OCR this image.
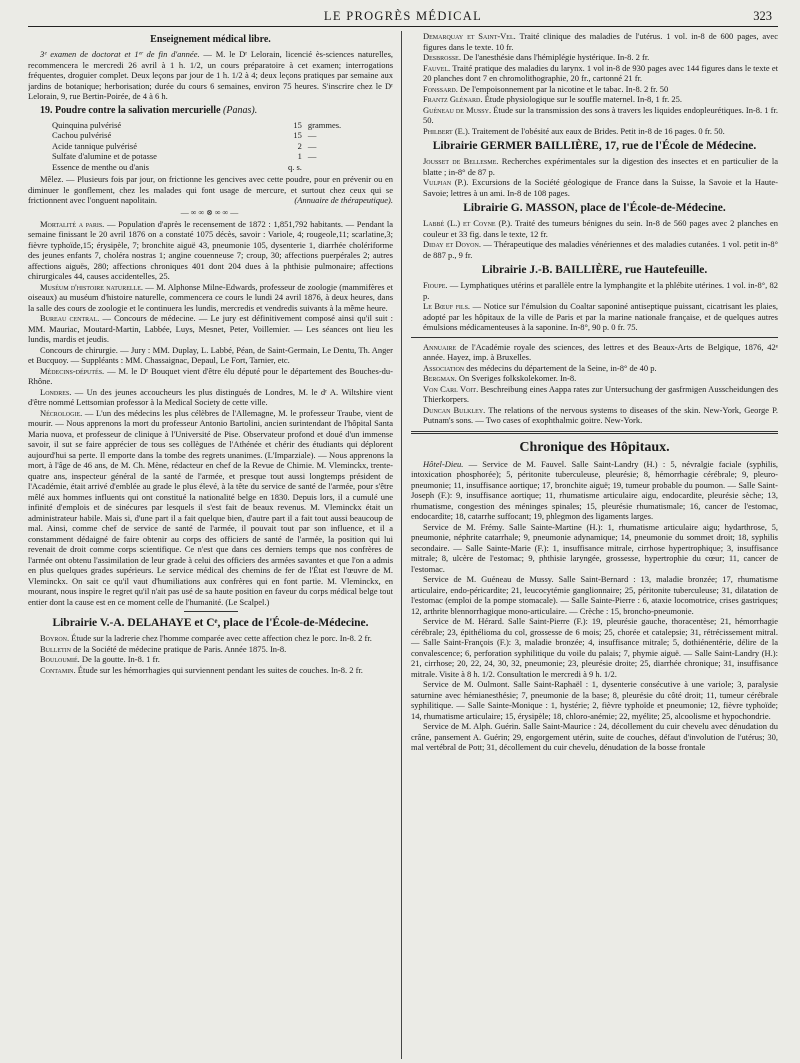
LE PROGRÈS MÉDICAL	323
Enseignement médical libre.

3ᵉ examen de doctorat et 1ᵉʳ de fin d'année. — M. le Dʳ Lelorain, licencié ès-sciences naturelles, recommencera le mercredi 26 avril à 1 h. 1/2, un cours préparatoire à cet examen; interrogations fréquentes, droguier complet. Deux leçons par jour de 1 h. 1/2 à 4; deux leçons pratiques par semaine aux jardins de botanique; herborisation; durée du cours 6 semaines, environ 75 heures. S'inscrire chez le Dʳ Lelorain, 9, rue Bertin-Poirée, de 4 à 6 h.

19. Poudre contre la salivation mercurielle (Panas).
Quinquina pulvérisé	15	grammes.
Cachou pulvérisé	15	—
Acide tannique pulvérisé	2	—
Sulfate d'alumine et de potasse	1	—
Essence de menthe ou d'anis	q. s.	

Mêlez. — Plusieurs fois par jour, on frictionne les gencives avec cette poudre, pour en prévenir ou en diminuer le gonflement, chez les malades qui font usage de mercure, et surtout chez ceux qui se frictionnent avec l'onguent napolitain.	(Annuaire de thérapeutique).

—∞∞⊗∞∞—

Mortalité a paris. — Population d'après le recensement de 1872 : 1,851,792 habitants. — Pendant la semaine finissant le 20 avril 1876 on a constaté 1075 décès, savoir : Variole, 4; rougeole,11; scarlatine,3; fièvre typhoïde,15; érysipèle, 7; bronchite aiguë 43, pneumonie 105, dysenterie 1, diarrhée cholériforme des jeunes enfants 7, choléra nostras 1; angine couenneuse 7; croup, 30; affections puerpérales 2; autres affections aiguës, 280; affections chroniques 401 dont 204 dues à la phthisie pulmonaire; affections chirurgicales 44, causes accidentelles, 25.

Muséum d'histoire naturelle. — M. Alphonse Milne-Edwards, professeur de zoologie (mammifères et oiseaux) au muséum d'histoire naturelle, commencera ce cours le lundi 24 avril 1876, à deux heures, dans la salle des cours de zoologie et le continuera les lundis, mercredis et vendredis suivants à la même heure.

Bureau central. — Concours de médecine. — Le jury est définitivement composé ainsi qu'il suit : MM. Mauriac, Moutard-Martin, Labbée, Luys, Mesnet, Peter, Voillemier. — Les séances ont lieu les lundis, mardis et jeudis.

Concours de chirurgie. — Jury : MM. Duplay, L. Labbé, Péan, de Saint-Germain, Le Dentu, Th. Anger et Bucquoy. — Suppléants : MM. Chassaignac, Depaul, Le Fort, Tarnier, etc.

Médecins-députés. — M. le Dʳ Bouquet vient d'être élu député pour le département des Bouches-du-Rhône.

Londres. — Un des jeunes accoucheurs les plus distingués de Londres, M. le dʳ A. Wiltshire vient d'être nommé Lettsomian professor à la Medical Society de cette ville.

Nécrologie. — L'un des médecins les plus célèbres de l'Allemagne, M. le professeur Traube, vient de mourir. — Nous apprenons la mort du professeur Antonio Bartolini, ancien surintendant de l'hôpital Santa Maria nuova, et professeur de clinique à l'Université de Pise. Observateur profond et doué d'un immense savoir, il sut se faire apprécier de tous ses collègues de l'Athénée et chérir des étudiants qui déplorent aujourd'hui sa perte. Il emporte dans la tombe des regrets unanimes. (L'Imparziale). — Nous apprenons la mort, à l'âge de 46 ans, de M. Ch. Mène, rédacteur en chef de la Revue de Chimie. M. Vleminckx, trente-quatre ans, inspecteur général de la santé de l'armée, et presque tout aussi longtemps président de l'Académie, était arrivé d'emblée au grade le plus élevé, à la tête du service de santé de l'armée, pour s'être mêlé aux hommes influents qui ont constitué la nationalité belge en 1830. Depuis lors, il a cumulé une infinité d'emplois et de sinécures par lesquels il s'est fait de beaux revenus. M. Vleminckx était un administrateur habile. Mais si, d'une part il a fait quelque bien, d'autre part il a fait tout aussi beaucoup de mal. Ainsi, comme chef de service de santé de l'armée, il pouvait tout par son influence, et il a constamment dédaigné de faire obtenir au corps des officiers de santé de l'armée, la position qui lui revenait de droit comme corps scientifique. Ce n'est que dans ces derniers temps que nos confrères de l'armée ont obtenu l'assimilation de leur grade à celui des officiers des armées savantes et que l'on a admis en plus quelques grades supérieurs. Le service médical des chemins de fer de l'État est l'œuvre de M. Vleminckx. On sait ce qu'il vaut d'humiliations aux confrères qui en font partie. M. Vleminckx, en mourant, nous inspire le regret qu'il n'ait pas usé de sa haute position en faveur du corps médical belge tout entier dont la cause est en ce moment celle de l'humanité. (Le Scalpel.)

Librairie V.-A. DELAHAYE et Cᵉ, place de l'École-de-Médecine.

Boyron. Étude sur la ladrerie chez l'homme comparée avec cette affection chez le porc. In-8. 2 fr.

Bulletin de la Société de médecine pratique de Paris. Année 1875. In-8.

Bouloumié. De la goutte. In-8. 1 fr.

Contamin. Étude sur les hémorrhagies qui surviennent pendant les suites de couches. In-8. 2 fr.

Demarquay et Saint-Vel. Traité clinique des maladies de l'utérus. 1 vol. in-8 de 600 pages, avec figures dans le texte. 10 fr.

Desbrosse. De l'anesthésie dans l'hémiplégie hystérique. In-8. 2 fr.

Fauvel. Traité pratique des maladies du larynx. 1 vol in-8 de 930 pages avec 144 figures dans le texte et 20 planches dont 7 en chromolithographie, 20 fr., cartonné 21 fr.

Fonssard. De l'empoisonnement par la nicotine et le tabac. In-8. 2 fr. 50

Frantz Glénard. Étude physiologique sur le souffle maternel. In-8, 1 fr. 25.

Guéneau de Mussy. Étude sur la transmission des sons à travers les liquides endopleurétiques. In-8. 1 fr. 50.

Philbert (E.). Traitement de l'obésité aux eaux de Brides. Petit in-8 de 16 pages. 0 fr. 50.

Librairie GERMER BAILLIÈRE, 17, rue de l'École de Médecine.

Jousset de Bellesme. Recherches expérimentales sur la digestion des insectes et en particulier de la blatte ; in-8° de 87 p.

Vulpian (P.). Excursions de la Société géologique de France dans la Suisse, la Savoie et la Haute-Savoie; lettres à un ami. In-8 de 108 pages.

Librairie G. MASSON, place de l'École-de-Médecine.

Labbé (L.) et Coyne (P.). Traité des tumeurs bénignes du sein. In-8 de 560 pages avec 2 planches en couleur et 33 fig. dans le texte, 12 fr.

Diday et Doyon. — Thérapeutique des maladies vénériennes et des maladies cutanées. 1 vol. petit in-8° de 887 p., 9 fr.

Librairie J.-B. BAILLIÈRE, rue Hautefeuille.

Fioupe. — Lymphatiques utérins et parallèle entre la lymphangite et la phlébite utérines. 1 vol. in-8°, 82 p.

Le Bœuf fils. — Notice sur l'émulsion du Coaltar saponiné antiseptique puissant, cicatrisant les plaies, adopté par les hôpitaux de la ville de Paris et par la marine nationale française, et de quelques autres émulsions médicamenteuses à la saponine. In-8°, 90 p. 0 fr. 75.

Annuaire de l'Académie royale des sciences, des lettres et des Beaux-Arts de Belgique, 1876, 42ᵉ année. Hayez, imp. à Bruxelles.

Association des médecins du département de la Seine, in-8° de 40 p.

Bergman. On Sveriges folkskolekomer. In-8.

Von Carl Voit. Beschreibung eines Aappa rates zur Untersuchung der gasfrmigen Ausscheidungen des Thierkorpers.

Duncan Bulkley. The relations of the nervous systems to diseases of the skin. New-York, George P. Putnam's sons. — Two cases of exophthalmic goitre. New-York.

Chronique des Hôpitaux.

Hôtel-Dieu. — Service de M. Fauvel. Salle Saint-Landry (H.) : 5, névralgie faciale (syphilis, intoxication phosphorée); 5, péritonite tuberculeuse, pleurésie; 8, hémorrhagie cérébrale; 9, pleuro-pneumonie; 11, insuffisance aortique; 17, bronchite aiguë; 19, tumeur probable du poumon. — Salle Saint-Joseph (F.): 9, insuffisance aortique; 11, rhumatisme articulaire aigu, endocardite, pleurésie sèche; 13, rhumatisme, congestion des méninges spinales; 15, pleurésie rhumatismale; 16, cancer de l'estomac, endocardite; 18, catarrhe suffocant; 19, phlegmon des ligaments larges.

Service de M. Frémy. Salle Sainte-Martine (H.): 1, rhumatisme articulaire aigu; hydarthrose, 5, pneumonie, néphrite catarrhale; 9, pneumonie adynamique; 14, pneumonie du sommet droit; 18, syphilis secondaire. — Salle Sainte-Marie (F.): 1, insuffisance mitrale, cirrhose hypertrophique; 3, insuffisance mitrale; 8, ulcère de l'estomac; 9, phthisie laryngée, grossesse, hypertrophie du cœur; 11, cancer de l'estomac.

Service de M. Guéneau de Mussy. Salle Saint-Bernard : 13, maladie bronzée; 17, rhumatisme articulaire, endo-péricardite; 21, leucocytémie ganglionnaire; 25, péritonite tuberculeuse; 31, dilatation de l'estomac (emploi de la pompe stomacale). — Salle Sainte-Pierre : 6, ataxie locomotrice, crises gastriques; 12, arthrite blennorrhagique mono-articulaire. — Crèche : 15, broncho-pneumonie.

Service de M. Hérard. Salle Saint-Pierre (F.): 19, pleurésie gauche, thoracentèse; 21, hémorrhagie cérébrale; 23, épithélioma du col, grossesse de 6 mois; 25, chorée et catalepsie; 31, rétrécissement mitral. — Salle Saint-François (F.): 3, maladie bronzée; 4, insuffisance mitrale; 5, dothiénentérie, délire de la convalescence; 6, perforation syphilitique du voile du palais; 7, phymie aiguë. — Salle Saint-Landry (H.): 21, cirrhose; 20, 22, 24, 30, 32, pneumonie; 23, pleurésie droite; 25, diarrhée chronique; 31, insuffisance mitrale. Visite à 8 h. 1/2. Consultation le mercredi à 9 h. 1/2.

Service de M. Oulmont. Salle Saint-Raphaël : 1, dysenterie consécutive à une variole; 3, paralysie saturnine avec hémianesthésie; 7, pneumonie de la base; 8, pleurésie du côté droit; 11, tumeur cérébrale syphilitique. — Salle Sainte-Monique : 1, hystérie; 2, fièvre typhoïde et pneumonie; 12, fièvre typhoïde; 14, rhumatisme articulaire; 15, érysipèle; 18, chloro-anémie; 22, myélite; 25, alcoolisme et hypochondrie.

Service de M. Alph. Guérin. Salle Saint-Maurice : 24, décollement du cuir chevelu avec dénudation du crâne, pansement A. Guérin; 29, engorgement utérin, suite de couches, défaut d'involution de l'utérus; 30, mal vertébral de Pott; 31, décollement du cuir chevelu, dénudation de la bosse frontale
